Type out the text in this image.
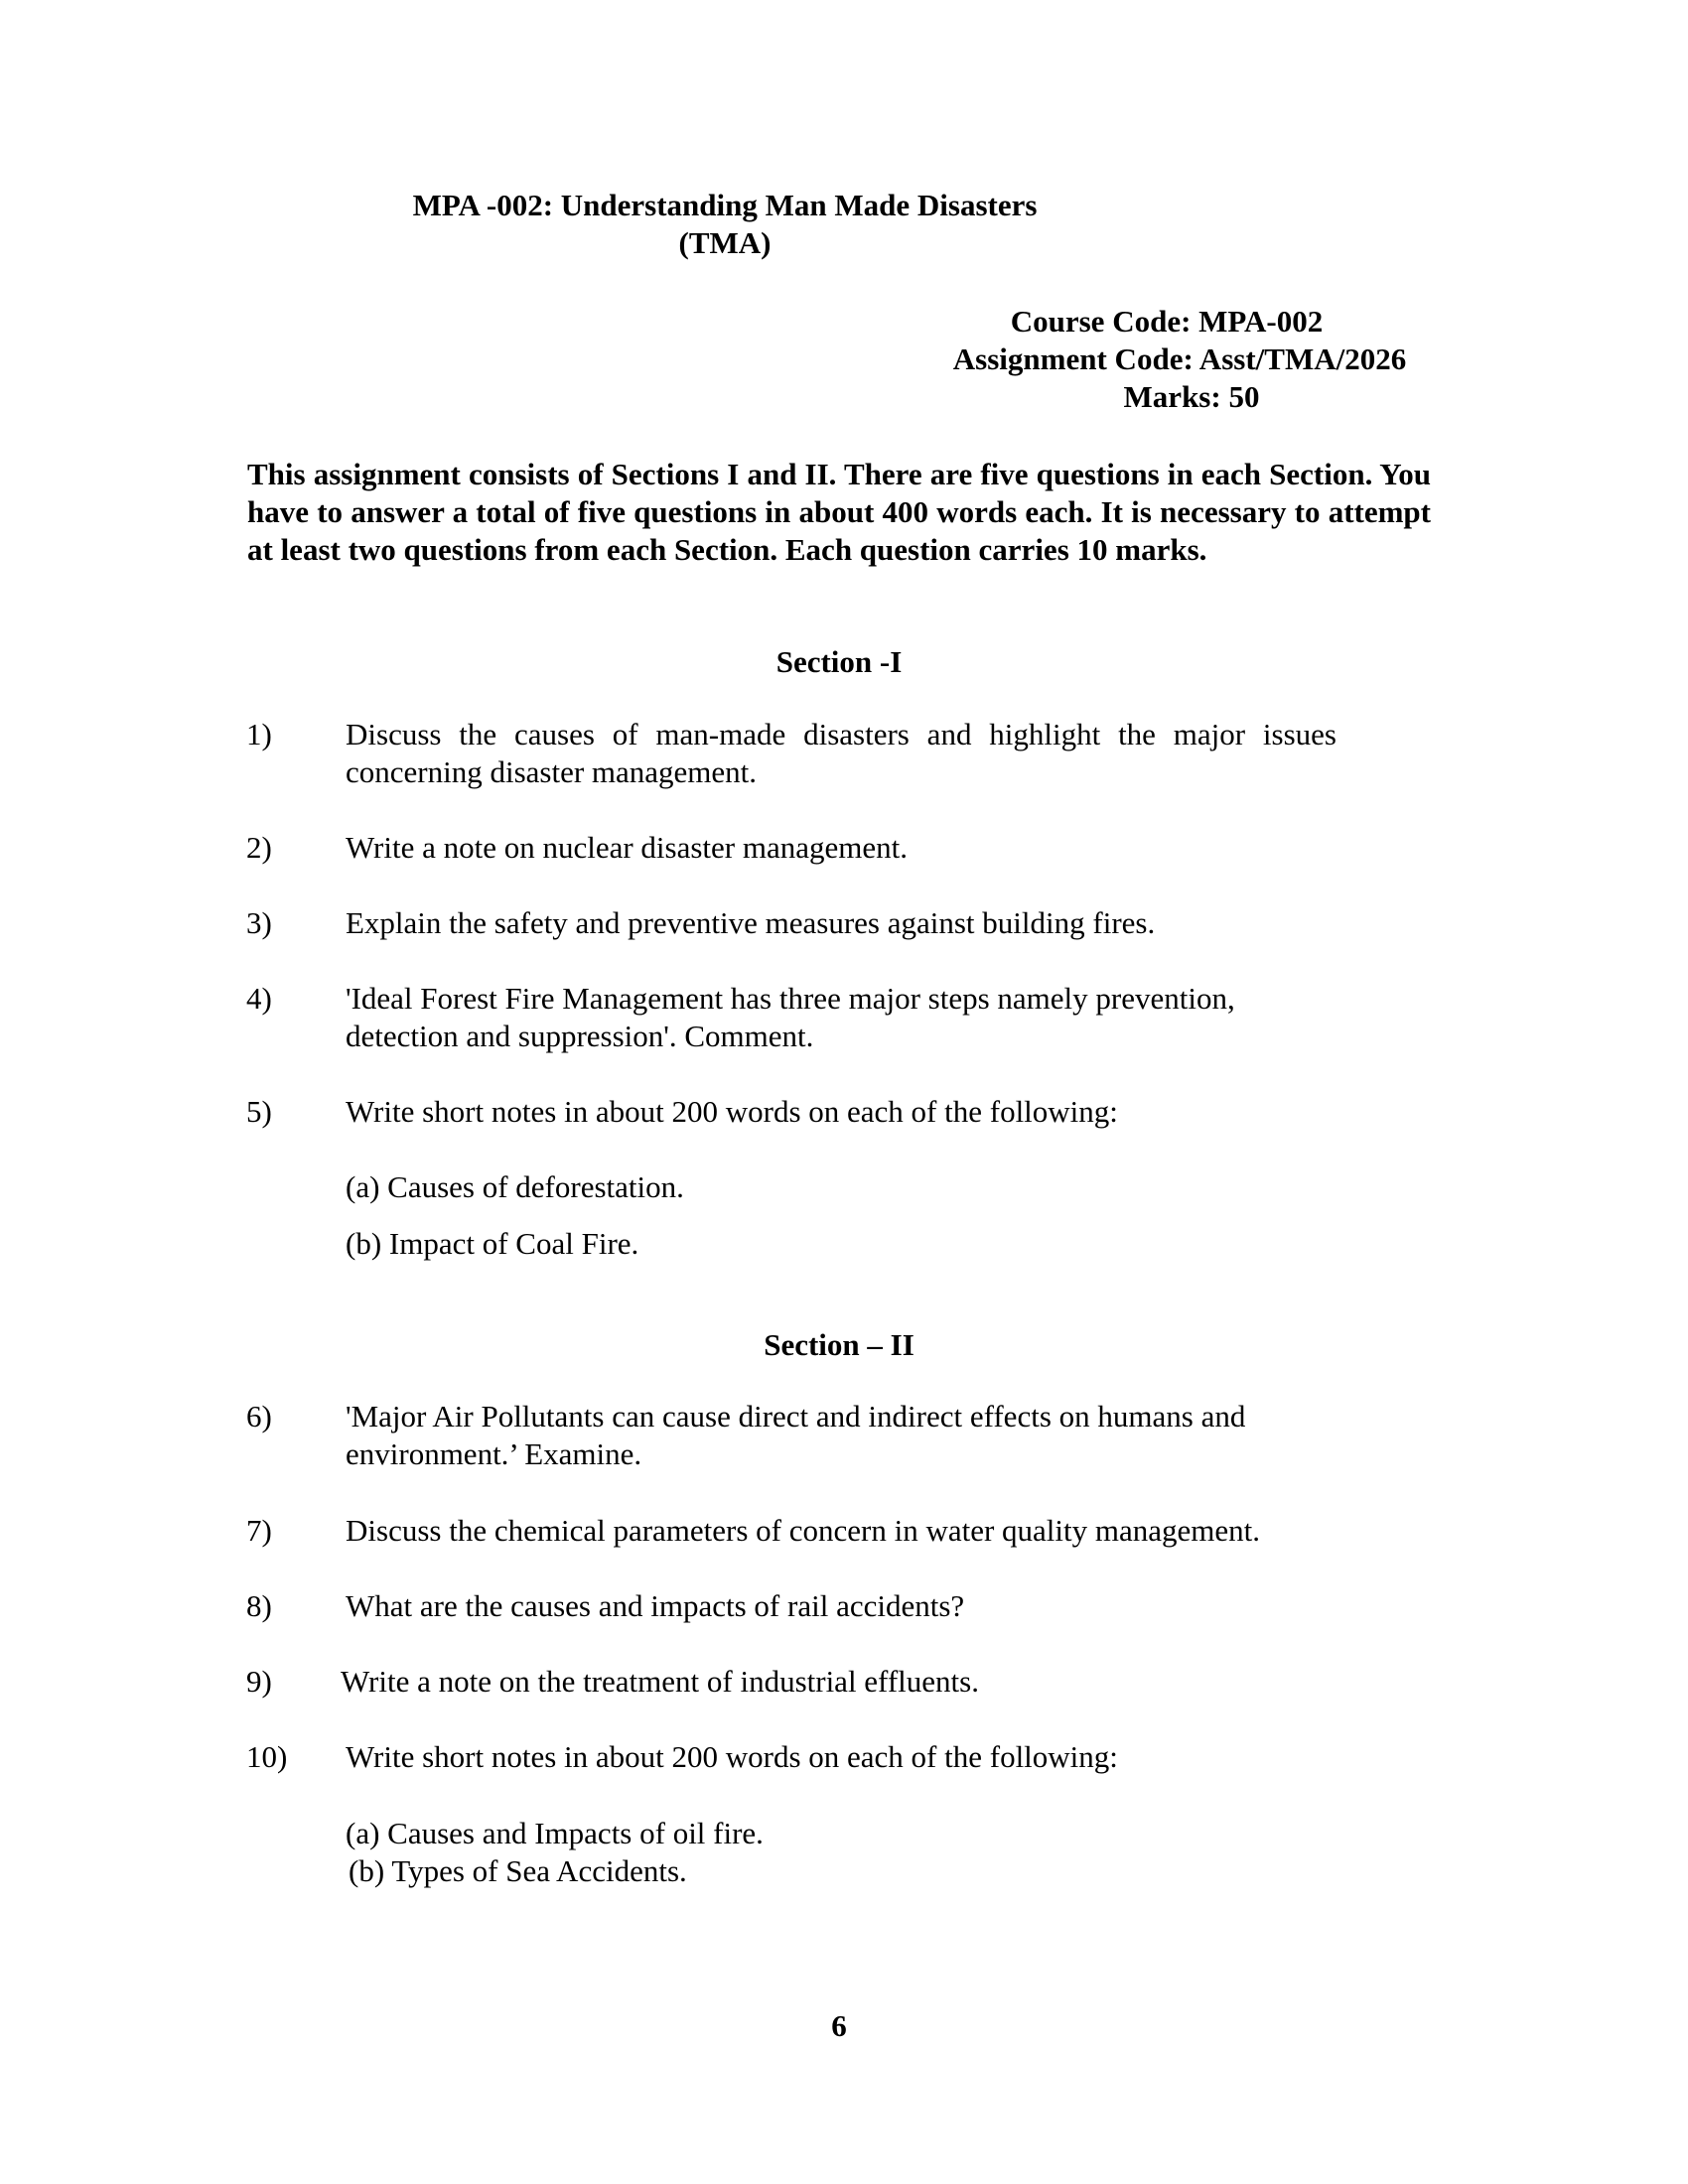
MPA -002: Understanding Man Made Disasters
(TMA)
Course Code: MPA-002
Assignment Code: Asst/TMA/2026
Marks: 50
This assignment consists of Sections I and II. There are five questions in each Section. You have to answer a total of five questions in about 400 words each. It is necessary to attempt at least two questions from each Section. Each question carries 10 marks.
Section -I
1) Discuss the causes of man-made disasters and highlight the major issues concerning disaster management.
2) Write a note on nuclear disaster management.
3) Explain the safety and preventive measures against building fires.
4) 'Ideal Forest Fire Management has three major steps namely prevention, detection and suppression'. Comment.
5) Write short notes in about 200 words on each of the following:
(a) Causes of deforestation.
(b) Impact of Coal Fire.
Section – II
6) 'Major Air Pollutants can cause direct and indirect effects on humans and environment.’ Examine.
7) Discuss the chemical parameters of concern in water quality management.
8) What are the causes and impacts of rail accidents?
9) Write a note on the treatment of industrial effluents.
10) Write short notes in about 200 words on each of the following:
(a) Causes and Impacts of oil fire.
(b) Types of Sea Accidents.
6
